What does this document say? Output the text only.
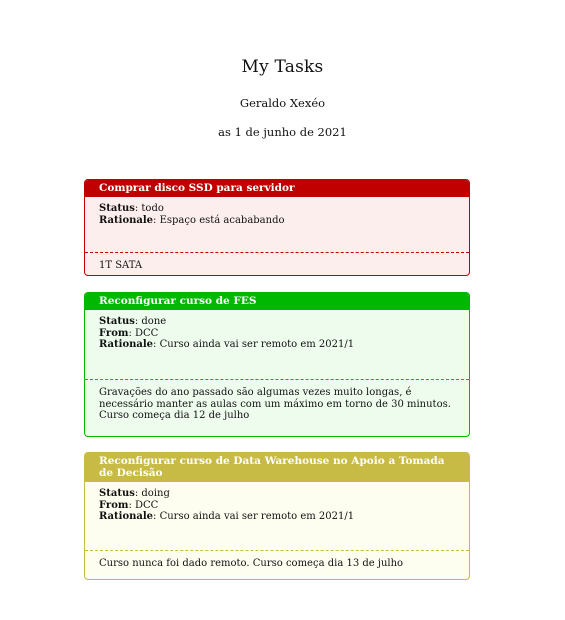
My Tasks
Geraldo Xexéo
as 1 de junho de 2021
Comprar disco SSD para servidor
Status: todo
Rationale: Espaço está acababando
1T SATA
Reconfigurar curso de FES
Status: done
From: DCC
Rationale: Curso ainda vai ser remoto em 2021/1
Gravações do ano passado são algumas vezes muito longas, é necessário manter as aulas com um máximo em torno de 30 minutos. Curso começa dia 12 de julho
Reconfigurar curso de Data Warehouse no Apoio a Tomada de Decisão
Status: doing
From: DCC
Rationale: Curso ainda vai ser remoto em 2021/1
Curso nunca foi dado remoto. Curso começa dia 13 de julho
